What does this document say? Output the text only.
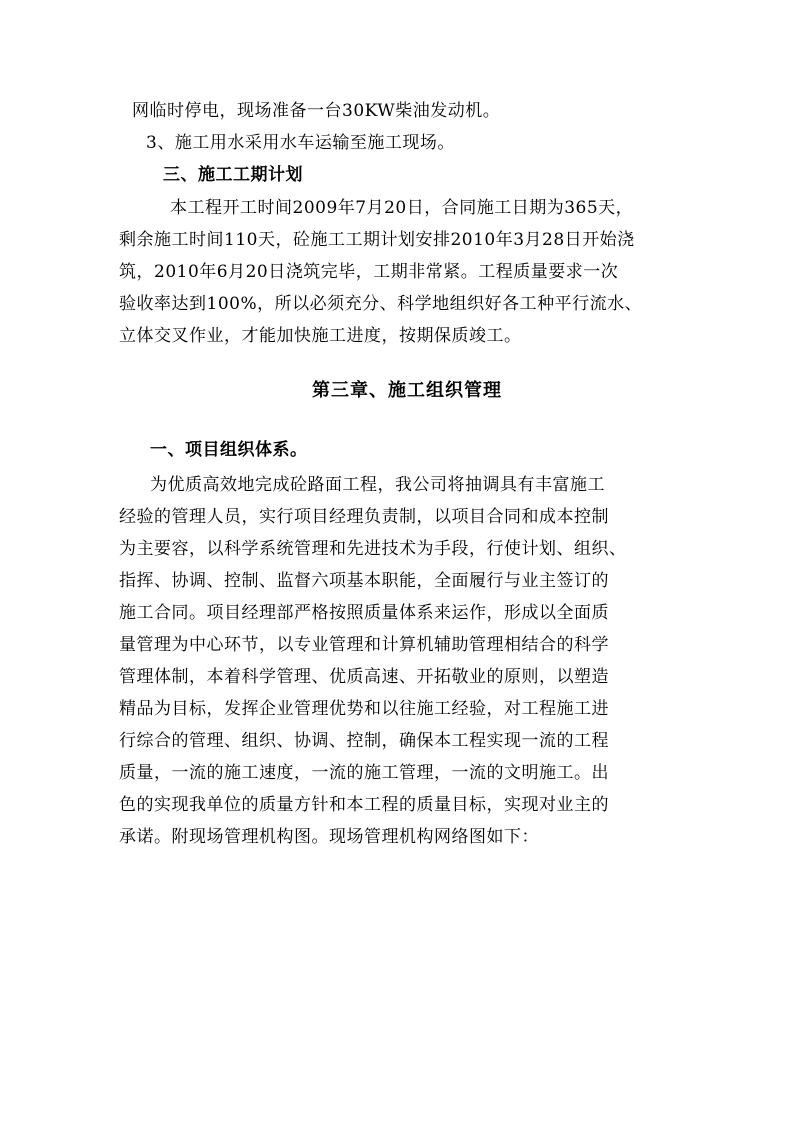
网临时停电，现场准备一台30KW柴油发动机。
3、施工用水采用水车运输至施工现场。
三、施工工期计划
本工程开工时间2009年7月20日，合同施工日期为365天，
剩余施工时间110天，砼施工工期计划安排2010年3月28日开始浇
筑，2010年6月20日浇筑完毕，工期非常紧。工程质量要求一次
验收率达到100%，所以必须充分、科学地组织好各工种平行流水、
立体交叉作业，才能加快施工进度，按期保质竣工。
第三章、施工组织管理
一、项目组织体系。
为优质高效地完成砼路面工程，我公司将抽调具有丰富施工
经验的管理人员，实行项目经理负责制，以项目合同和成本控制
为主要容，以科学系统管理和先进技术为手段，行使计划、组织、
指挥、协调、控制、监督六项基本职能，全面履行与业主签订的
施工合同。项目经理部严格按照质量体系来运作，形成以全面质
量管理为中心环节，以专业管理和计算机辅助管理相结合的科学
管理体制，本着科学管理、优质高速、开拓敬业的原则，以塑造
精品为目标，发挥企业管理优势和以往施工经验，对工程施工进
行综合的管理、组织、协调、控制，确保本工程实现一流的工程
质量，一流的施工速度，一流的施工管理，一流的文明施工。出
色的实现我单位的质量方针和本工程的质量目标，实现对业主的
承诺。附现场管理机构图。现场管理机构网络图如下：
